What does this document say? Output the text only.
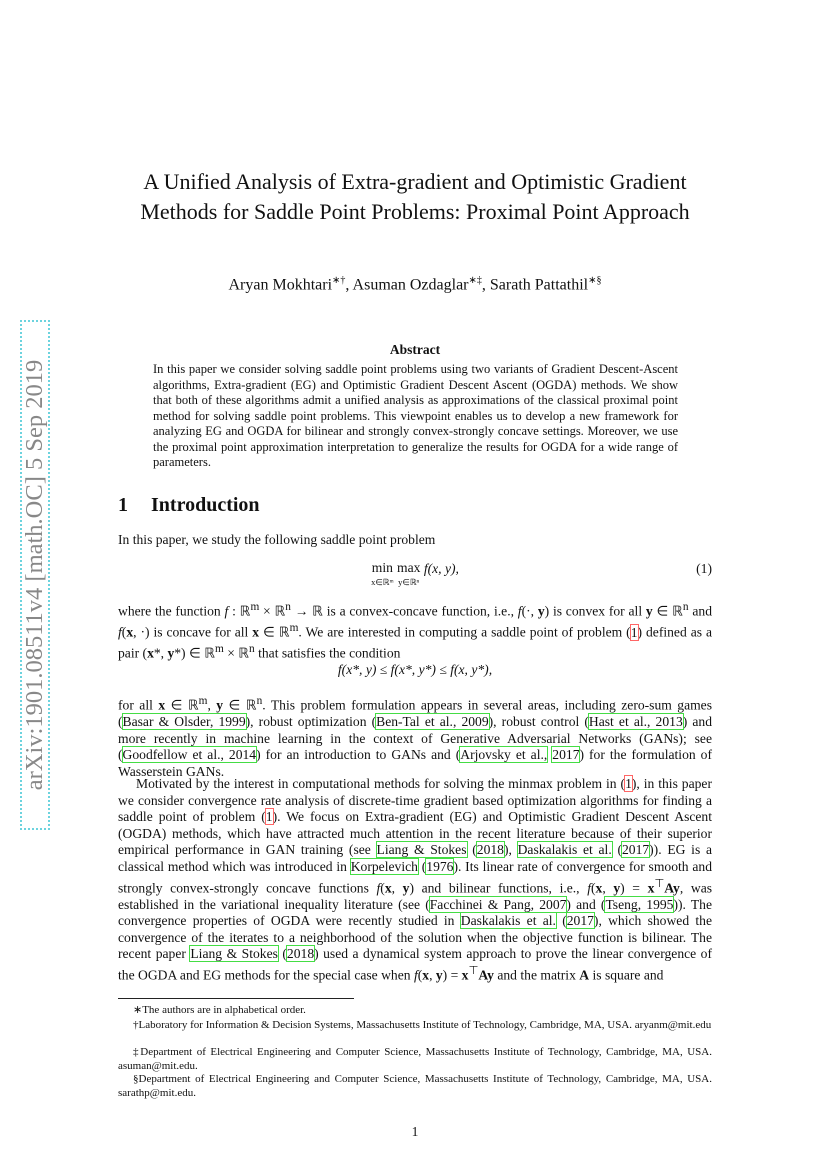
arXiv:1901.08511v4 [math.OC] 5 Sep 2019
A Unified Analysis of Extra-gradient and Optimistic Gradient Methods for Saddle Point Problems: Proximal Point Approach
Aryan Mokhtari∗†, Asuman Ozdaglar∗‡, Sarath Pattathil∗§
Abstract
In this paper we consider solving saddle point problems using two variants of Gradient Descent-Ascent algorithms, Extra-gradient (EG) and Optimistic Gradient Descent Ascent (OGDA) methods. We show that both of these algorithms admit a unified analysis as approximations of the classical proximal point method for solving saddle point problems. This viewpoint enables us to develop a new framework for analyzing EG and OGDA for bilinear and strongly convex-strongly concave settings. Moreover, we use the proximal point approximation interpretation to generalize the results for OGDA for a wide range of parameters.
1 Introduction
In this paper, we study the following saddle point problem
min
x∈ℝᵐ
max
y∈ℝⁿ
f(x, y),	(1)
where the function f : ℝ$^m$ × ℝ$^n$ → ℝ is a convex-concave function, i.e., f(·, y) is convex for all y ∈ ℝ$^n$ and f(x, ·) is concave for all x ∈ ℝ$^m$. We are interested in computing a saddle point of problem (1) defined as a pair (x*, y*) ∈ ℝ$^m$ × ℝ$^n$ that satisfies the condition
f(x*, y) ≤ f(x*, y*) ≤ f(x, y*),
for all x ∈ ℝ$^m$, y ∈ ℝ$^n$. This problem formulation appears in several areas, including zero-sum games (Basar & Olsder, 1999), robust optimization (Ben-Tal et al., 2009), robust control (Hast et al., 2013) and more recently in machine learning in the context of Generative Adversarial Networks (GANs); see (Goodfellow et al., 2014) for an introduction to GANs and (Arjovsky et al., 2017) for the formulation of Wasserstein GANs.
Motivated by the interest in computational methods for solving the minmax problem in (1), in this paper we consider convergence rate analysis of discrete-time gradient based optimization algorithms for finding a saddle point of problem (1). We focus on Extra-gradient (EG) and Optimistic Gradient Descent Ascent (OGDA) methods, which have attracted much attention in the recent literature because of their superior empirical performance in GAN training (see Liang & Stokes (2018), Daskalakis et al. (2017)). EG is a classical method which was introduced in Korpelevich (1976). Its linear rate of convergence for smooth and strongly convex-strongly concave functions f(x, y) and bilinear functions, i.e., f(x, y) = x⊤Ay, was established in the variational inequality literature (see (Facchinei & Pang, 2007) and (Tseng, 1995)). The convergence properties of OGDA were recently studied in Daskalakis et al. (2017), which showed the convergence of the iterates to a neighborhood of the solution when the objective function is bilinear. The recent paper Liang & Stokes (2018) used a dynamical system approach to prove the linear convergence of the OGDA and EG methods for the special case when f(x, y) = x⊤Ay and the matrix A is square and
∗The authors are in alphabetical order.
†Laboratory for Information & Decision Systems, Massachusetts Institute of Technology, Cambridge, MA, USA. aryanm@mit.edu
‡Department of Electrical Engineering and Computer Science, Massachusetts Institute of Technology, Cambridge, MA, USA. asuman@mit.edu.
§Department of Electrical Engineering and Computer Science, Massachusetts Institute of Technology, Cambridge, MA, USA. sarathp@mit.edu.
1
